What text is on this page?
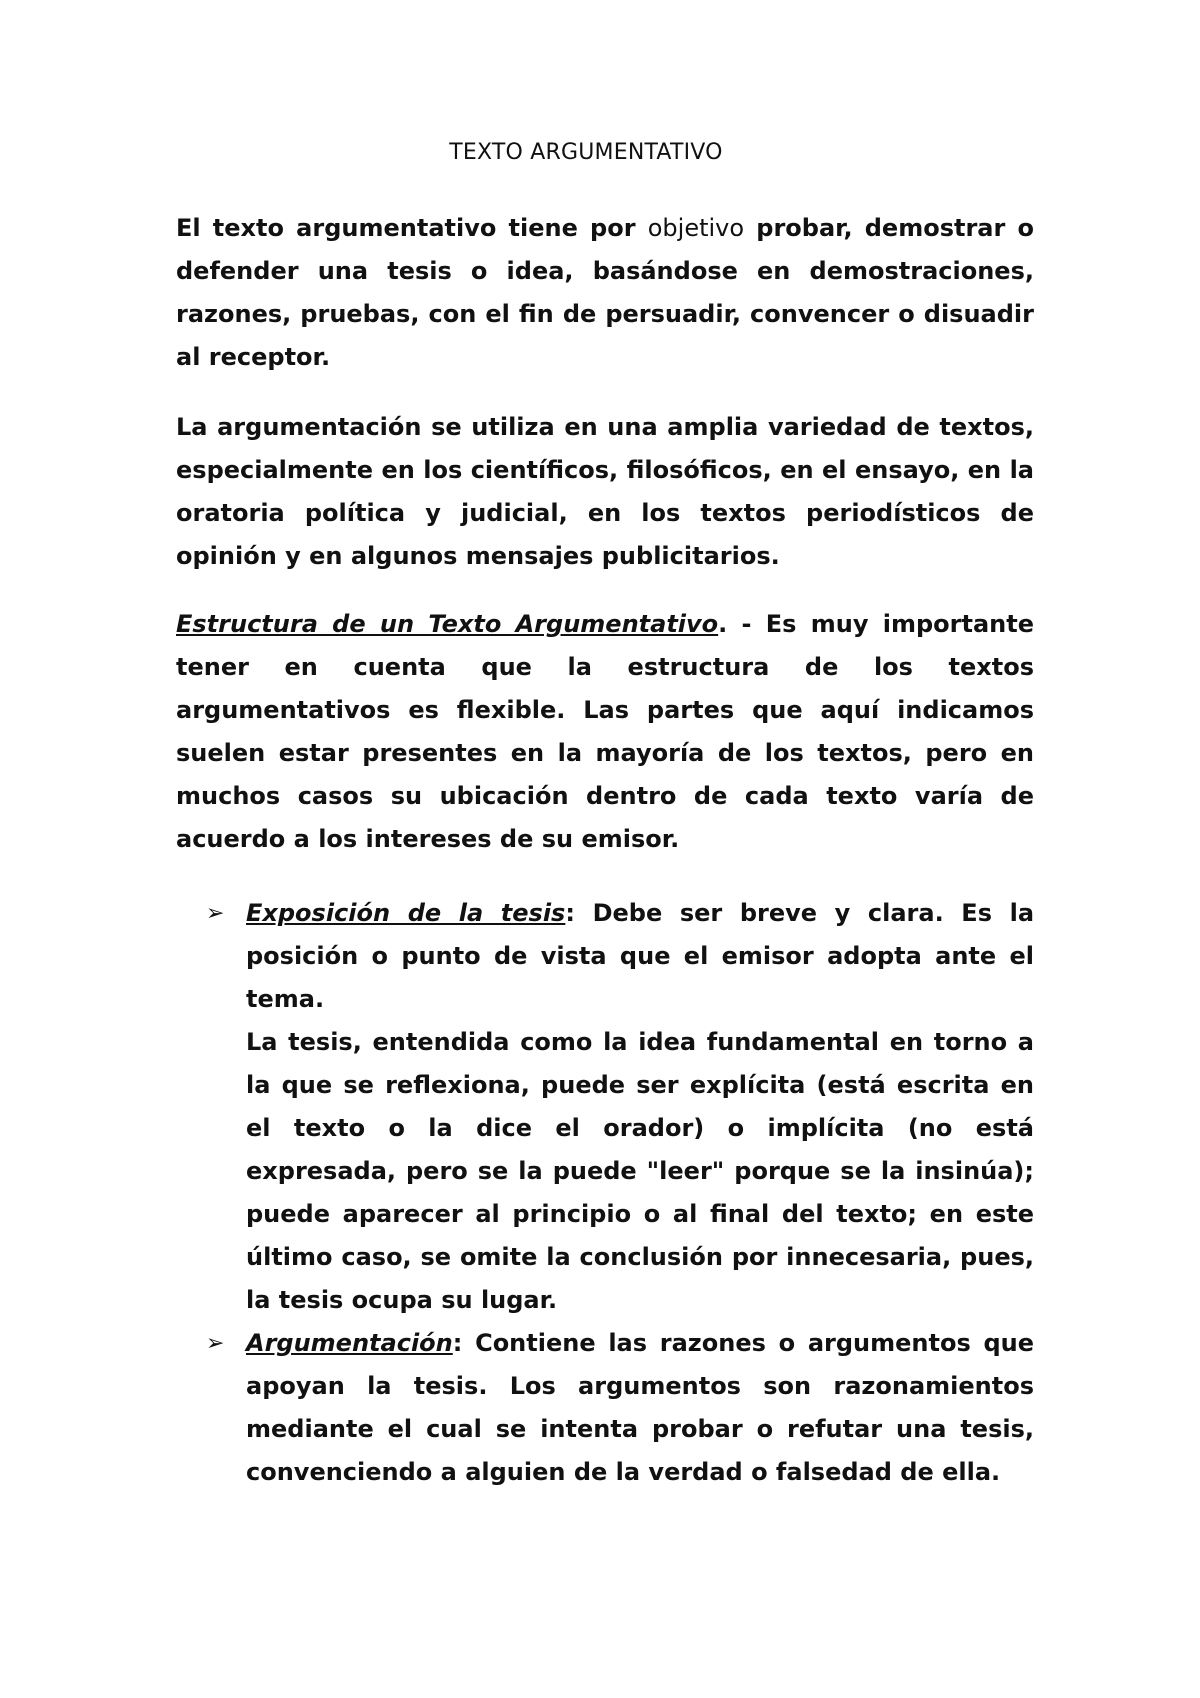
TEXTO ARGUMENTATIVO

El texto argumentativo tiene por objetivo probar, demostrar o defender una tesis o idea, basándose en demostraciones, razones, pruebas, con el fin de persuadir, convencer o disuadir al receptor.

La argumentación se utiliza en una amplia variedad de textos, especialmente en los científicos, filosóficos, en el ensayo, en la oratoria política y judicial, en los textos periodísticos de opinión y en algunos mensajes publicitarios.

Estructura de un Texto Argumentativo. - Es muy importante tener en cuenta que la estructura de los textos argumentativos es flexible. Las partes que aquí indicamos suelen estar presentes en la mayoría de los textos, pero en muchos casos su ubicación dentro de cada texto varía de acuerdo a los intereses de su emisor.

➢ Exposición de la tesis: Debe ser breve y clara. Es la posición o punto de vista que el emisor adopta ante el tema.
La tesis, entendida como la idea fundamental en torno a la que se reflexiona, puede ser explícita (está escrita en el texto o la dice el orador) o implícita (no está expresada, pero se la puede "leer" porque se la insinúa); puede aparecer al principio o al final del texto; en este último caso, se omite la conclusión por innecesaria, pues, la tesis ocupa su lugar.
➢ Argumentación: Contiene las razones o argumentos que apoyan la tesis. Los argumentos son razonamientos mediante el cual se intenta probar o refutar una tesis, convenciendo a alguien de la verdad o falsedad de ella.
